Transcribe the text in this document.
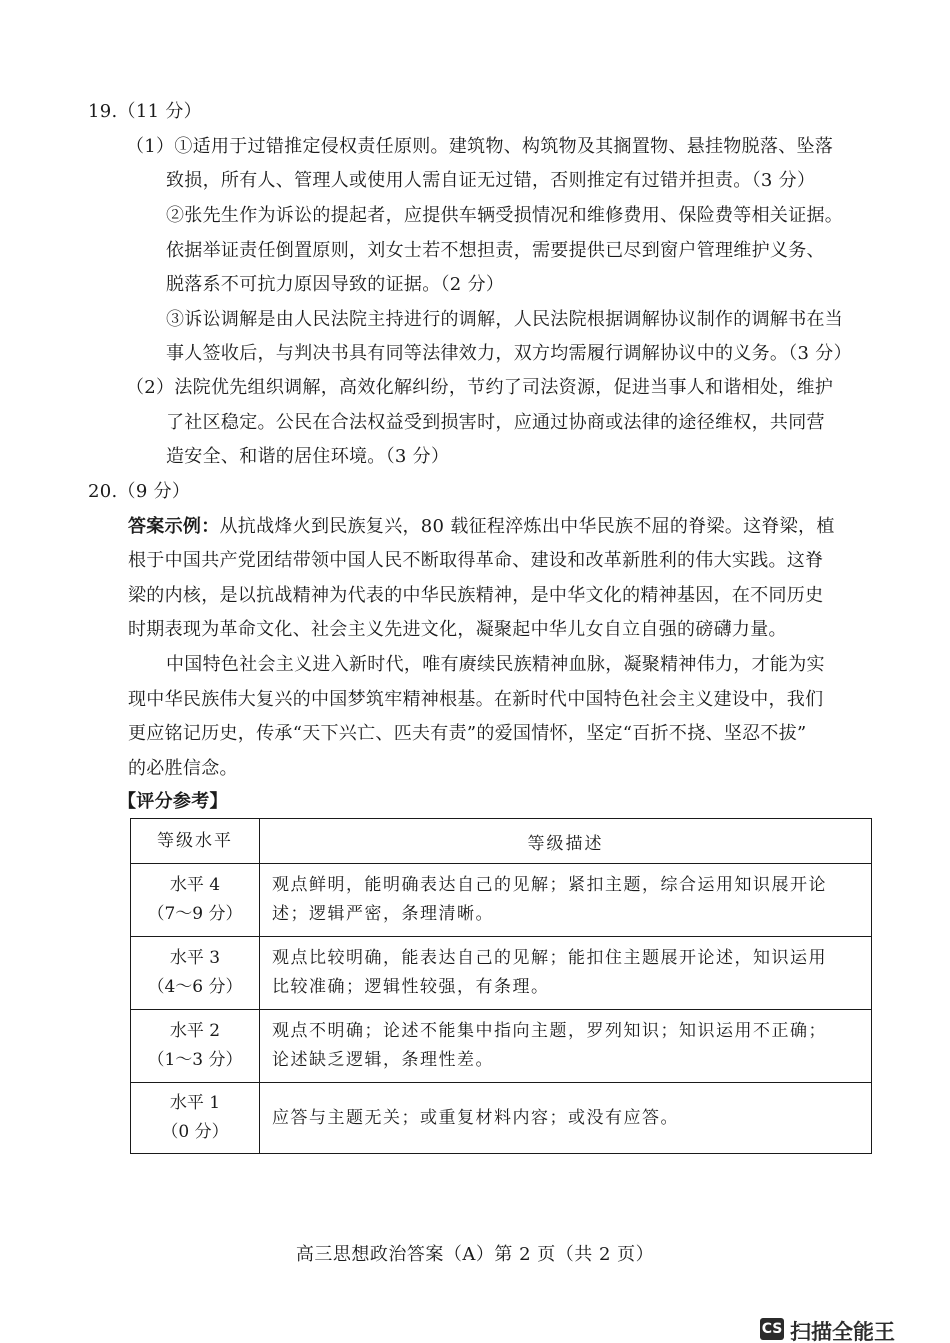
19.（11 分）
（1）①适用于过错推定侵权责任原则。建筑物、构筑物及其搁置物、悬挂物脱落、坠落
致损，所有人、管理人或使用人需自证无过错，否则推定有过错并担责。（3 分）
②张先生作为诉讼的提起者，应提供车辆受损情况和维修费用、保险费等相关证据。
依据举证责任倒置原则，刘女士若不想担责，需要提供已尽到窗户管理维护义务、
脱落系不可抗力原因导致的证据。（2 分）
③诉讼调解是由人民法院主持进行的调解，人民法院根据调解协议制作的调解书在当
事人签收后，与判决书具有同等法律效力，双方均需履行调解协议中的义务。（3 分）
（2）法院优先组织调解，高效化解纠纷，节约了司法资源，促进当事人和谐相处，维护
了社区稳定。公民在合法权益受到损害时，应通过协商或法律的途径维权，共同营
造安全、和谐的居住环境。（3 分）
20.（9 分）
答案示例：从抗战烽火到民族复兴，80 载征程淬炼出中华民族不屈的脊梁。这脊梁，植
根于中国共产党团结带领中国人民不断取得革命、建设和改革新胜利的伟大实践。这脊
梁的内核，是以抗战精神为代表的中华民族精神，是中华文化的精神基因，在不同历史
时期表现为革命文化、社会主义先进文化，凝聚起中华儿女自立自强的磅礴力量。
中国特色社会主义进入新时代，唯有赓续民族精神血脉，凝聚精神伟力，才能为实
现中华民族伟大复兴的中国梦筑牢精神根基。在新时代中国特色社会主义建设中，我们
更应铭记历史，传承“天下兴亡、匹夫有责”的爱国情怀，坚定“百折不挠、坚忍不拔”
的必胜信念。
【评分参考】
等级水平	等级描述

水平 4
（7～9 分）	观点鲜明，能明确表达自己的见解；紧扣主题，综合运用知识展开论
述；逻辑严密，条理清晰。

水平 3
（4～6 分）	观点比较明确，能表达自己的见解；能扣住主题展开论述，知识运用
比较准确；逻辑性较强，有条理。

水平 2
（1～3 分）	观点不明确；论述不能集中指向主题，罗列知识；知识运用不正确；
论述缺乏逻辑，条理性差。

水平 1
（0 分）	应答与主题无关；或重复材料内容；或没有应答。
高三思想政治答案（A）第 2 页（共 2 页）
CS 扫描全能王
